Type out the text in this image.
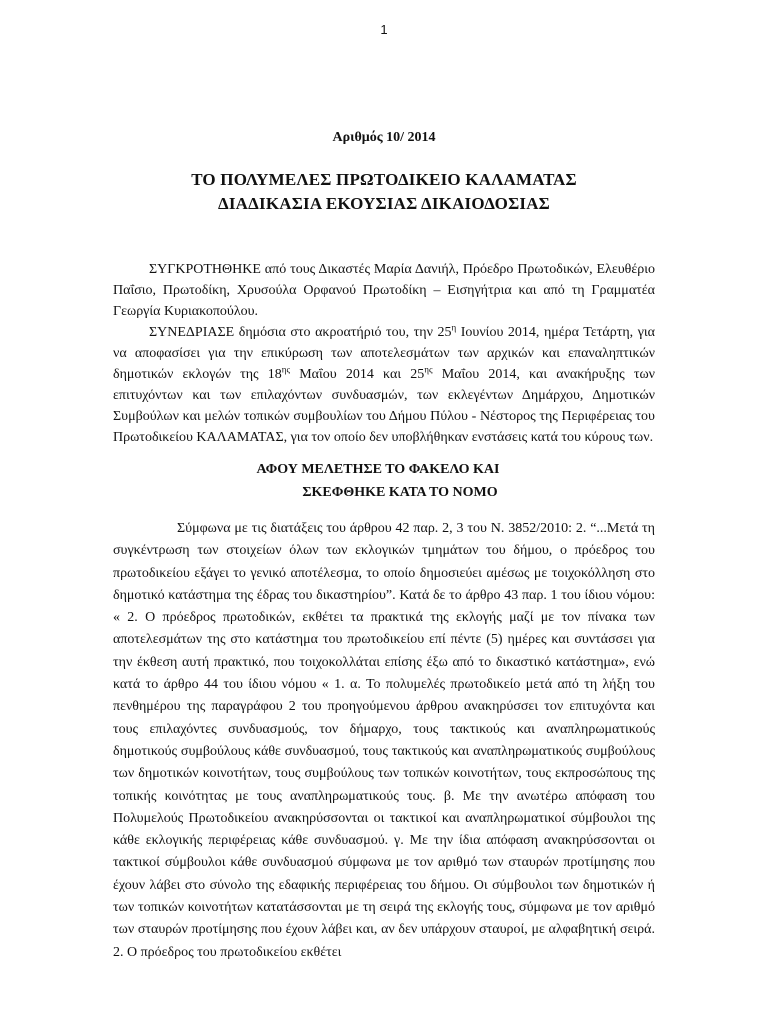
1
Αριθμός 10/ 2014
ΤΟ ΠΟΛΥΜΕΛΕΣ ΠΡΩΤΟΔΙΚΕΙΟ ΚΑΛΑΜΑΤΑΣ
ΔΙΑΔΙΚΑΣΙΑ ΕΚΟΥΣΙΑΣ ΔΙΚΑΙΟΔΟΣΙΑΣ
ΣΥΓΚΡΟΤΗΘΗΚΕ από τους Δικαστές Μαρία Δανιήλ, Πρόεδρο Πρωτοδικών, Ελευθέριο Παΐσιο, Πρωτοδίκη, Χρυσούλα Ορφανού Πρωτοδίκη – Εισηγήτρια και από τη Γραμματέα Γεωργία Κυριακοπούλου.
ΣΥΝΕΔΡΙΑΣΕ δημόσια στο ακροατήριό του, την $25^\eta$ Ιουνίου 2014, ημέρα Τετάρτη, για να αποφασίσει για την επικύρωση των αποτελεσμάτων των αρχικών και επαναληπτικών δημοτικών εκλογών της $18^{\eta\varsigma}$ Μαΐου 2014 και $25^{\eta\varsigma}$ Μαΐου 2014, και ανακήρυξης των επιτυχόντων και των επιλαχόντων συνδυασμών, των εκλεγέντων Δημάρχου, Δημοτικών Συμβούλων και μελών τοπικών συμβουλίων του Δήμου Πύλου - Νέστορος της Περιφέρειας του Πρωτοδικείου ΚΑΛΑΜΑΤΑΣ, για τον οποίο δεν υποβλήθηκαν ενστάσεις κατά του κύρους των.
ΑΦΟΥ ΜΕΛΕΤΗΣΕ ΤΟ ΦΑΚΕΛΟ ΚΑΙ
ΣΚΕΦΘΗΚΕ ΚΑΤΑ ΤΟ ΝΟΜΟ
Σύμφωνα με τις διατάξεις του άρθρου 42 παρ. 2, 3 του Ν. 3852/2010: 2. “...Μετά τη συγκέντρωση των στοιχείων όλων των εκλογικών τμημάτων του δήμου, ο πρόεδρος του πρωτοδικείου εξάγει το γενικό αποτέλεσμα, το οποίο δημοσιεύει αμέσως με τοιχοκόλληση στο δημοτικό κατάστημα της έδρας του δικαστηρίου”. Κατά δε το άρθρο 43 παρ. 1 του ίδιου νόμου: « 2. Ο πρόεδρος πρωτοδικών, εκθέτει τα πρακτικά της εκλογής μαζί με τον πίνακα των αποτελεσμάτων της στο κατάστημα του πρωτοδικείου επί πέντε (5) ημέρες και συντάσσει για την έκθεση αυτή πρακτικό, που τοιχοκολλάται επίσης έξω από το δικαστικό κατάστημα», ενώ κατά το άρθρο 44 του ίδιου νόμου « 1. α. Το πολυμελές πρωτοδικείο μετά από τη λήξη του πενθημέρου της παραγράφου 2 του προηγούμενου άρθρου ανακηρύσσει τον επιτυχόντα και τους επιλαχόντες συνδυασμούς, τον δήμαρχο, τους τακτικούς και αναπληρωματικούς δημοτικούς συμβούλους κάθε συνδυασμού, τους τακτικούς και αναπληρωματικούς συμβούλους των δημοτικών κοινοτήτων, τους συμβούλους των τοπικών κοινοτήτων, τους εκπροσώπους της τοπικής κοινότητας με τους αναπληρωματικούς τους. β. Με την ανωτέρω απόφαση του Πολυμελούς Πρωτοδικείου ανακηρύσσονται οι τακτικοί και αναπληρωματικοί σύμβουλοι της κάθε εκλογικής περιφέρειας κάθε συνδυασμού. γ. Με την ίδια απόφαση ανακηρύσσονται οι τακτικοί σύμβουλοι κάθε συνδυασμού σύμφωνα με τον αριθμό των σταυρών προτίμησης που έχουν λάβει στο σύνολο της εδαφικής περιφέρειας του δήμου. Οι σύμβουλοι των δημοτικών ή των τοπικών κοινοτήτων κατατάσσονται με τη σειρά της εκλογής τους, σύμφωνα με τον αριθμό των σταυρών προτίμησης που έχουν λάβει και, αν δεν υπάρχουν σταυροί, με αλφαβητική σειρά. 2. Ο πρόεδρος του πρωτοδικείου εκθέτει
